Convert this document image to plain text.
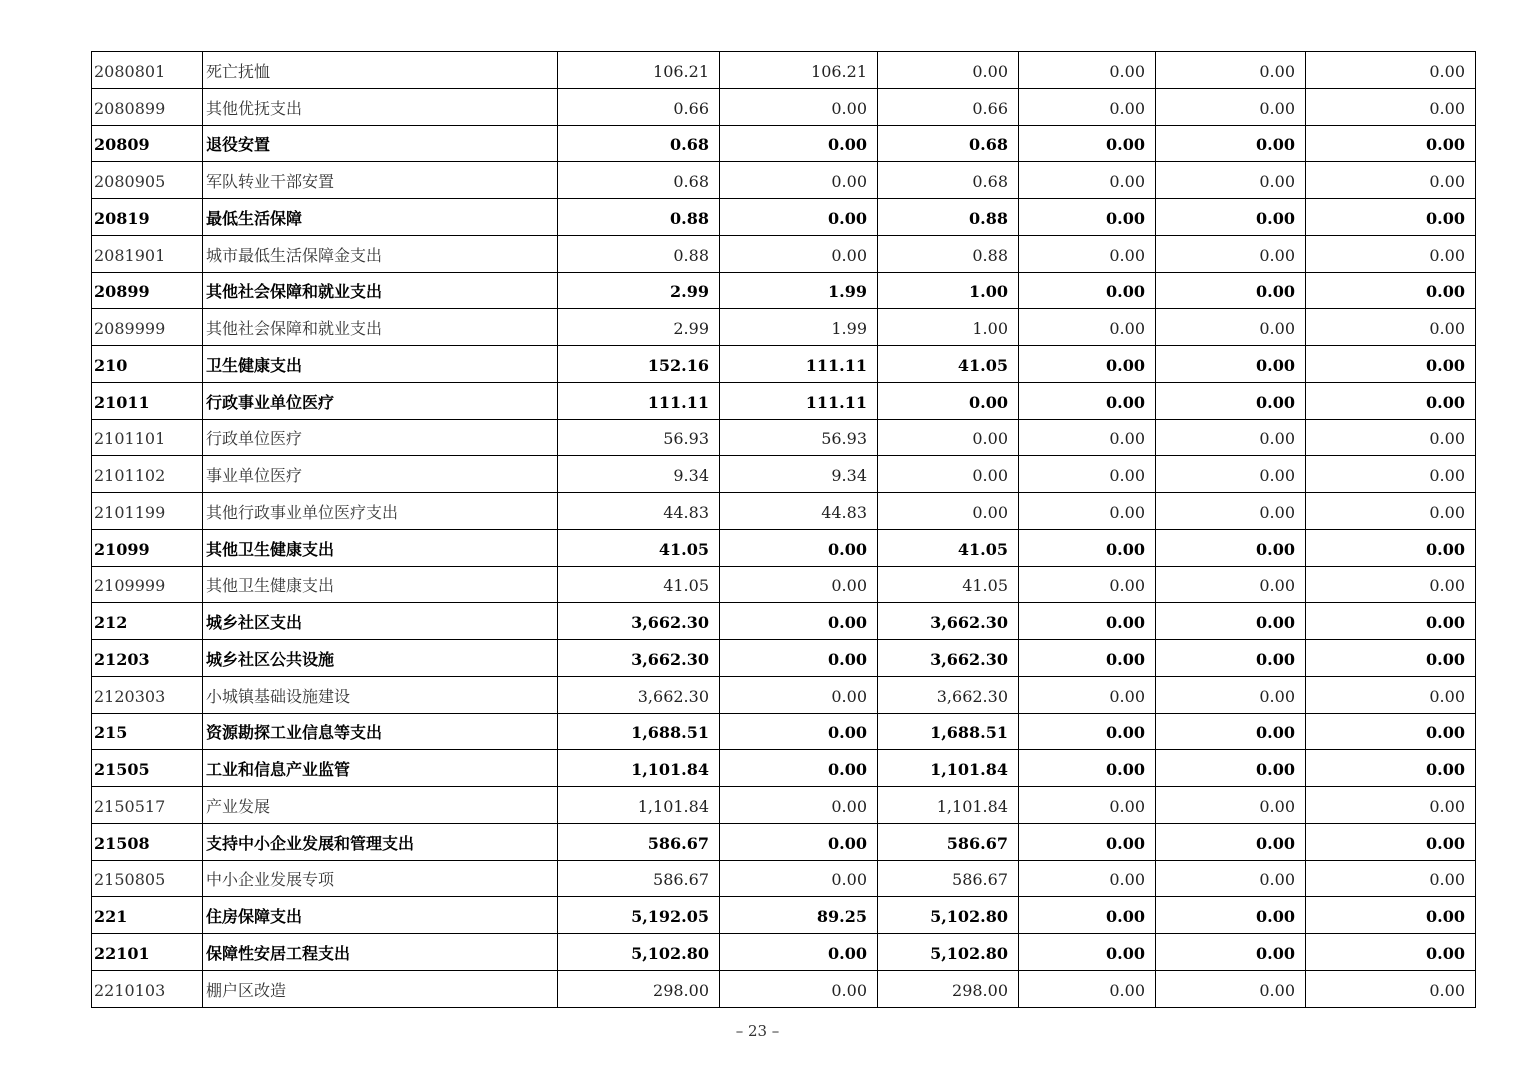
2080801	死亡抚恤	106.21	106.21	0.00	0.00	0.00	0.00
2080899	其他优抚支出	0.66	0.00	0.66	0.00	0.00	0.00
20809	退役安置	0.68	0.00	0.68	0.00	0.00	0.00
2080905	军队转业干部安置	0.68	0.00	0.68	0.00	0.00	0.00
20819	最低生活保障	0.88	0.00	0.88	0.00	0.00	0.00
2081901	城市最低生活保障金支出	0.88	0.00	0.88	0.00	0.00	0.00
20899	其他社会保障和就业支出	2.99	1.99	1.00	0.00	0.00	0.00
2089999	其他社会保障和就业支出	2.99	1.99	1.00	0.00	0.00	0.00
210	卫生健康支出	152.16	111.11	41.05	0.00	0.00	0.00
21011	行政事业单位医疗	111.11	111.11	0.00	0.00	0.00	0.00
2101101	行政单位医疗	56.93	56.93	0.00	0.00	0.00	0.00
2101102	事业单位医疗	9.34	9.34	0.00	0.00	0.00	0.00
2101199	其他行政事业单位医疗支出	44.83	44.83	0.00	0.00	0.00	0.00
21099	其他卫生健康支出	41.05	0.00	41.05	0.00	0.00	0.00
2109999	其他卫生健康支出	41.05	0.00	41.05	0.00	0.00	0.00
212	城乡社区支出	3,662.30	0.00	3,662.30	0.00	0.00	0.00
21203	城乡社区公共设施	3,662.30	0.00	3,662.30	0.00	0.00	0.00
2120303	小城镇基础设施建设	3,662.30	0.00	3,662.30	0.00	0.00	0.00
215	资源勘探工业信息等支出	1,688.51	0.00	1,688.51	0.00	0.00	0.00
21505	工业和信息产业监管	1,101.84	0.00	1,101.84	0.00	0.00	0.00
2150517	产业发展	1,101.84	0.00	1,101.84	0.00	0.00	0.00
21508	支持中小企业发展和管理支出	586.67	0.00	586.67	0.00	0.00	0.00
2150805	中小企业发展专项	586.67	0.00	586.67	0.00	0.00	0.00
221	住房保障支出	5,192.05	89.25	5,102.80	0.00	0.00	0.00
22101	保障性安居工程支出	5,102.80	0.00	5,102.80	0.00	0.00	0.00
2210103	棚户区改造	298.00	0.00	298.00	0.00	0.00	0.00
– 23 –
